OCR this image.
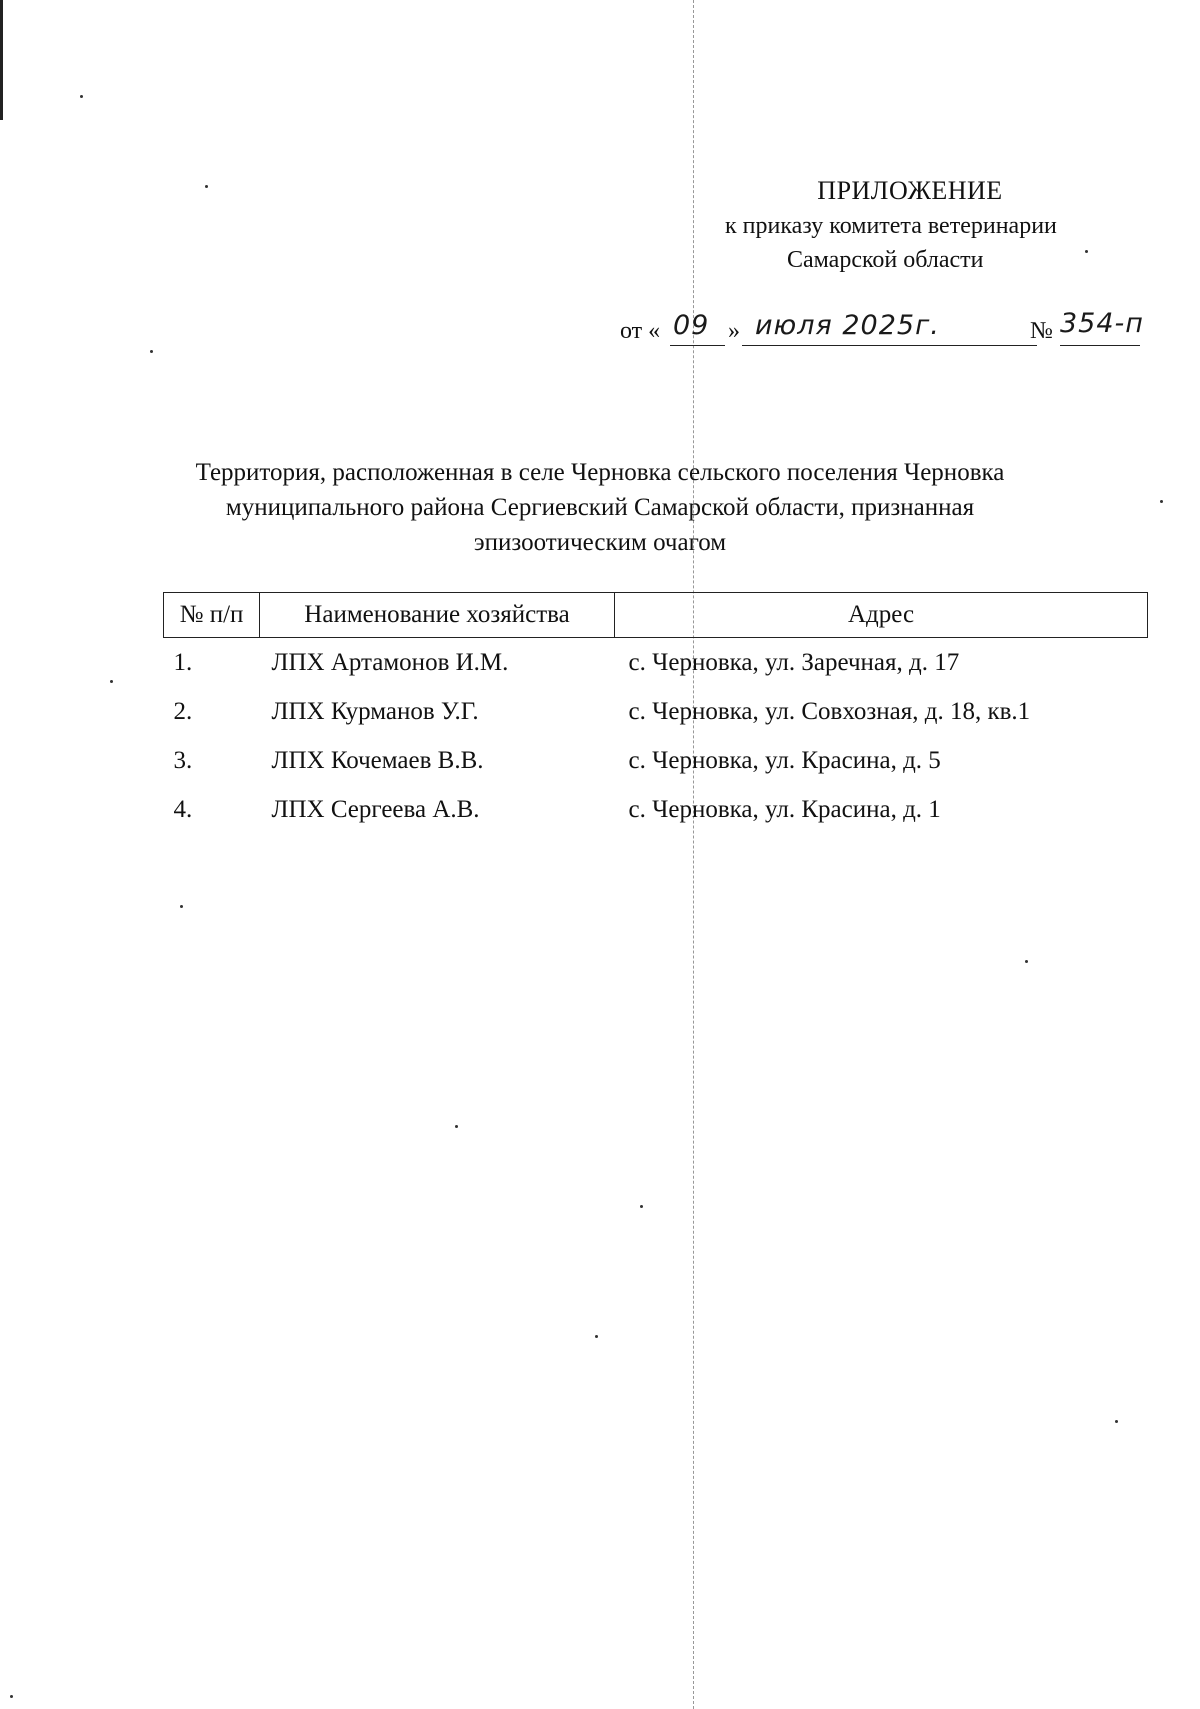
ПРИЛОЖЕНИЕ
к приказу комитета ветеринарии
Самарской области
от « 09 » июля 2025г.	№ 354-п
Территория, расположенная в селе Черновка сельского поселения Черновка
муниципального района Сергиевский Самарской области, признанная
эпизоотическим очагом
№ п/п	Наименование хозяйства	Адрес
1.	ЛПХ Артамонов И.М.	с. Черновка, ул. Заречная, д. 17
2.	ЛПХ Курманов У.Г.	с. Черновка, ул. Совхозная, д. 18, кв.1
3.	ЛПХ Кочемаев В.В.	с. Черновка, ул. Красина, д. 5
4.	ЛПХ Сергеева А.В.	с. Черновка, ул. Красина, д. 1
